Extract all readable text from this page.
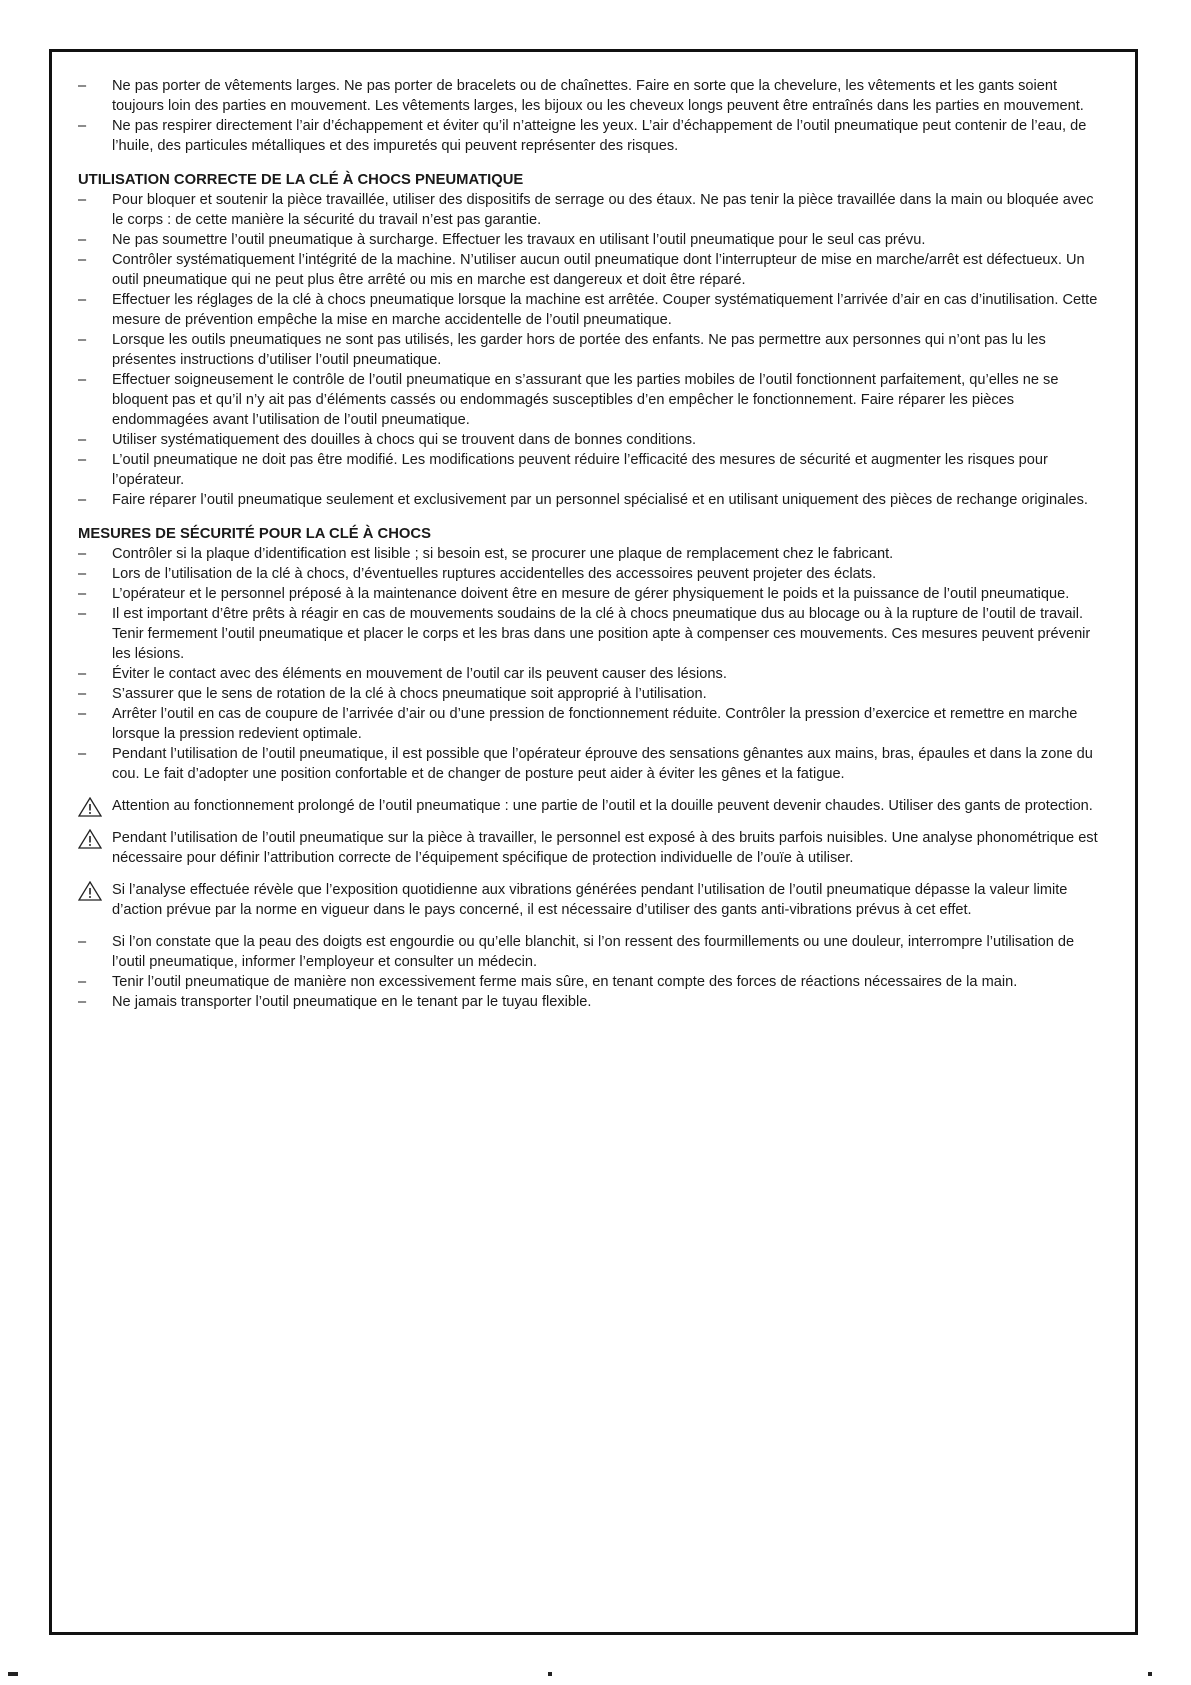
–	Ne pas porter de vêtements larges. Ne pas porter de bracelets ou de chaînettes. Faire en sorte que la chevelure, les vêtements et les gants soient toujours loin des parties en mouvement. Les vêtements larges, les bijoux ou les cheveux longs peuvent être entraînés dans les parties en mouvement.

–	Ne pas respirer directement l’air d’échappement et éviter qu’il n’atteigne les yeux. L’air d’échappement de l’outil pneumatique peut contenir de l’eau, de l’huile, des particules métalliques et des impuretés qui peuvent représenter des risques.

UTILISATION CORRECTE DE LA CLÉ À CHOCS PNEUMATIQUE

–	Pour bloquer et soutenir la pièce travaillée, utiliser des dispositifs de serrage ou des étaux. Ne pas tenir la pièce travaillée dans la main ou bloquée avec le corps : de cette manière la sécurité du travail n’est pas garantie.

–	Ne pas soumettre l’outil pneumatique à surcharge. Effectuer les travaux en utilisant l’outil pneumatique pour le seul cas prévu.

–	Contrôler systématiquement l’intégrité de la machine. N’utiliser aucun outil pneumatique dont l’interrupteur de mise en marche/arrêt est défectueux. Un outil pneumatique qui ne peut plus être arrêté ou mis en marche est dangereux et doit être réparé.

–	Effectuer les réglages de la clé à chocs pneumatique lorsque la machine est arrêtée. Couper systématiquement l’arrivée d’air en cas d’inutilisation. Cette mesure de prévention empêche la mise en marche accidentelle de l’outil pneumatique.

–	Lorsque les outils pneumatiques ne sont pas utilisés, les garder hors de portée des enfants. Ne pas permettre aux personnes qui n’ont pas lu les présentes instructions d’utiliser l’outil pneumatique.

–	Effectuer soigneusement le contrôle de l’outil pneumatique en s’assurant que les parties mobiles de l’outil fonctionnent parfaitement, qu’elles ne se bloquent pas et qu’il n’y ait pas d’éléments cassés ou endommagés susceptibles d’en empêcher le fonctionnement. Faire réparer les pièces endommagées avant l’utilisation de l’outil pneumatique.

–	Utiliser systématiquement des douilles à chocs qui se trouvent dans de bonnes conditions.

–	L’outil pneumatique ne doit pas être modifié. Les modifications peuvent réduire l’efficacité des mesures de sécurité et augmenter les risques pour l’opérateur.

–	Faire réparer l’outil pneumatique seulement et exclusivement par un personnel spécialisé et en utilisant uniquement des pièces de rechange originales.

MESURES DE SÉCURITÉ POUR LA CLÉ À CHOCS

–	Contrôler si la plaque d’identification est lisible ; si besoin est, se procurer une plaque de remplacement chez le fabricant.

–	Lors de l’utilisation de la clé à chocs, d’éventuelles ruptures accidentelles des accessoires peuvent projeter des éclats.

–	L’opérateur et le personnel préposé à la maintenance doivent être en mesure de gérer physiquement le poids et la puissance de l’outil pneumatique.

–	Il est important d’être prêts à réagir en cas de mouvements soudains de la clé à chocs pneumatique dus au blocage ou à la rupture de l’outil de travail. Tenir fermement l’outil pneumatique et placer le corps et les bras dans une position apte à compenser ces mouvements. Ces mesures peuvent prévenir les lésions.

–	Éviter le contact avec des éléments en mouvement de l’outil car ils peuvent causer des lésions.

–	S’assurer que le sens de rotation de la clé à chocs pneumatique soit approprié à l’utilisation.

–	Arrêter l’outil en cas de coupure de l’arrivée d’air ou d’une pression de fonctionnement réduite. Contrôler la pression d’exercice et remettre en marche lorsque la pression redevient optimale.

–	Pendant l’utilisation de l’outil pneumatique, il est possible que l’opérateur éprouve des sensations gênantes aux mains, bras, épaules et dans la zone du cou. Le fait d’adopter une position confortable et de changer de posture peut aider à éviter les gênes et la fatigue.

Attention au fonctionnement prolongé de l’outil pneumatique : une partie de l’outil et la douille peuvent devenir chaudes. Utiliser des gants de protection.
Pendant l’utilisation de l’outil pneumatique sur la pièce à travailler, le personnel est exposé à des bruits parfois nuisibles. Une analyse phonométrique est nécessaire pour définir l’attribution correcte de l’équipement spécifique de protection individuelle de l’ouïe à utiliser.
Si l’analyse effectuée révèle que l’exposition quotidienne aux vibrations générées pendant l’utilisation de l’outil pneumatique dépasse la valeur limite d’action prévue par la norme en vigueur dans le pays concerné, il est nécessaire d’utiliser des gants anti-vibrations prévus à cet effet.

–	Si l’on constate que la peau des doigts est engourdie ou qu’elle blanchit, si l’on ressent des fourmillements ou une douleur, interrompre l’utilisation de l’outil pneumatique, informer l’employeur et consulter un médecin.

–	Tenir l’outil pneumatique de manière non excessivement ferme mais sûre, en tenant compte des forces de réactions nécessaires de la main.

–	Ne jamais transporter l’outil pneumatique en le tenant par le tuyau flexible.
